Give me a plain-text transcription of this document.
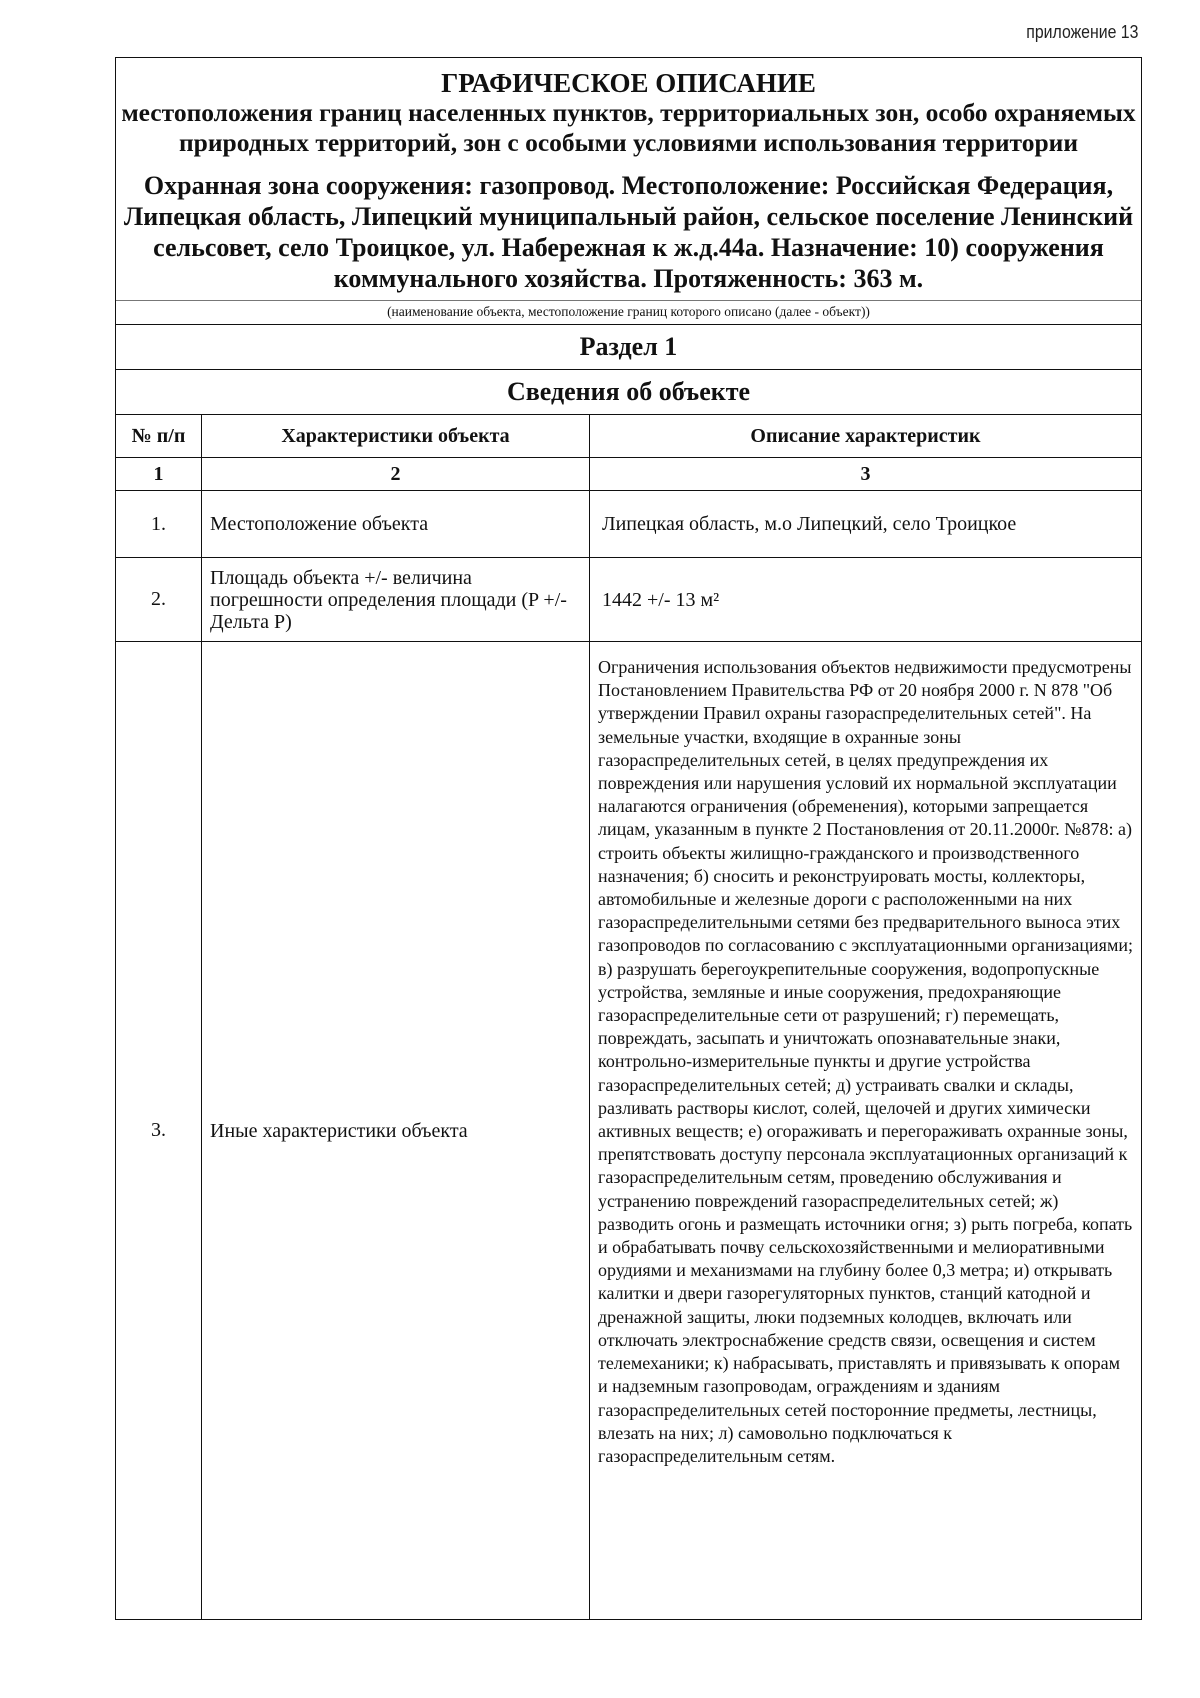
приложение 13
ГРАФИЧЕСКОЕ ОПИСАНИЕ
местоположения границ населенных пунктов, территориальных зон, особо охраняемых природных территорий, зон с особыми условиями использования территории
Охранная зона сооружения: газопровод. Местоположение: Российская Федерация, Липецкая область, Липецкий муниципальный район, сельское поселение Ленинский сельсовет, село Троицкое, ул. Набережная к ж.д.44а. Назначение: 10) сооружения коммунального хозяйства. Протяженность: 363 м.
(наименование объекта, местоположение границ которого описано (далее - объект))		

Раздел 1		
Сведения об объекте		
№ п/п	Характеристики объекта	Описание характеристик
1	2	3
1.	Местоположение объекта	Липецкая область, м.о Липецкий, село Троицкое
2.	Площадь объекта +/- величина погрешности определения площади (P +/- Дельта P)	1442 +/- 13 м²
3.	Иные характеристики объекта	Ограничения использования объектов недвижимости предусмотрены Постановлением Правительства РФ от 20 ноября 2000 г. N 878 "Об утверждении Правил охраны газораспределительных сетей". На земельные участки, входящие в охранные зоны газораспределительных сетей, в целях предупреждения их повреждения или нарушения условий их нормальной эксплуатации налагаются ограничения (обременения), которыми запрещается лицам, указанным в пункте 2 Постановления от 20.11.2000г. №878: а) строить объекты жилищно-гражданского и производственного назначения; б) сносить и реконструировать мосты, коллекторы, автомобильные и железные дороги с расположенными на них газораспределительными сетями без предварительного выноса этих газопроводов по согласованию с эксплуатационными организациями; в) разрушать берегоукрепительные сооружения, водопропускные устройства, земляные и иные сооружения, предохраняющие газораспределительные сети от разрушений; г) перемещать, повреждать, засыпать и уничтожать опознавательные знаки, контрольно-измерительные пункты и другие устройства газораспределительных сетей; д) устраивать свалки и склады, разливать растворы кислот, солей, щелочей и других химически активных веществ; е) огораживать и перегораживать охранные зоны, препятствовать доступу персонала эксплуатационных организаций к газораспределительным сетям, проведению обслуживания и устранению повреждений газораспределительных сетей; ж) разводить огонь и размещать источники огня; з) рыть погреба, копать и обрабатывать почву сельскохозяйственными и мелиоративными орудиями и механизмами на глубину более 0,3 метра; и) открывать калитки и двери газорегуляторных пунктов, станций катодной и дренажной защиты, люки подземных колодцев, включать или отключать электроснабжение средств связи, освещения и систем телемеханики; к) набрасывать, приставлять и привязывать к опорам и надземным газопроводам, ограждениям и зданиям газораспределительных сетей посторонние предметы, лестницы, влезать на них; л) самовольно подключаться к газораспределительным сетям.
